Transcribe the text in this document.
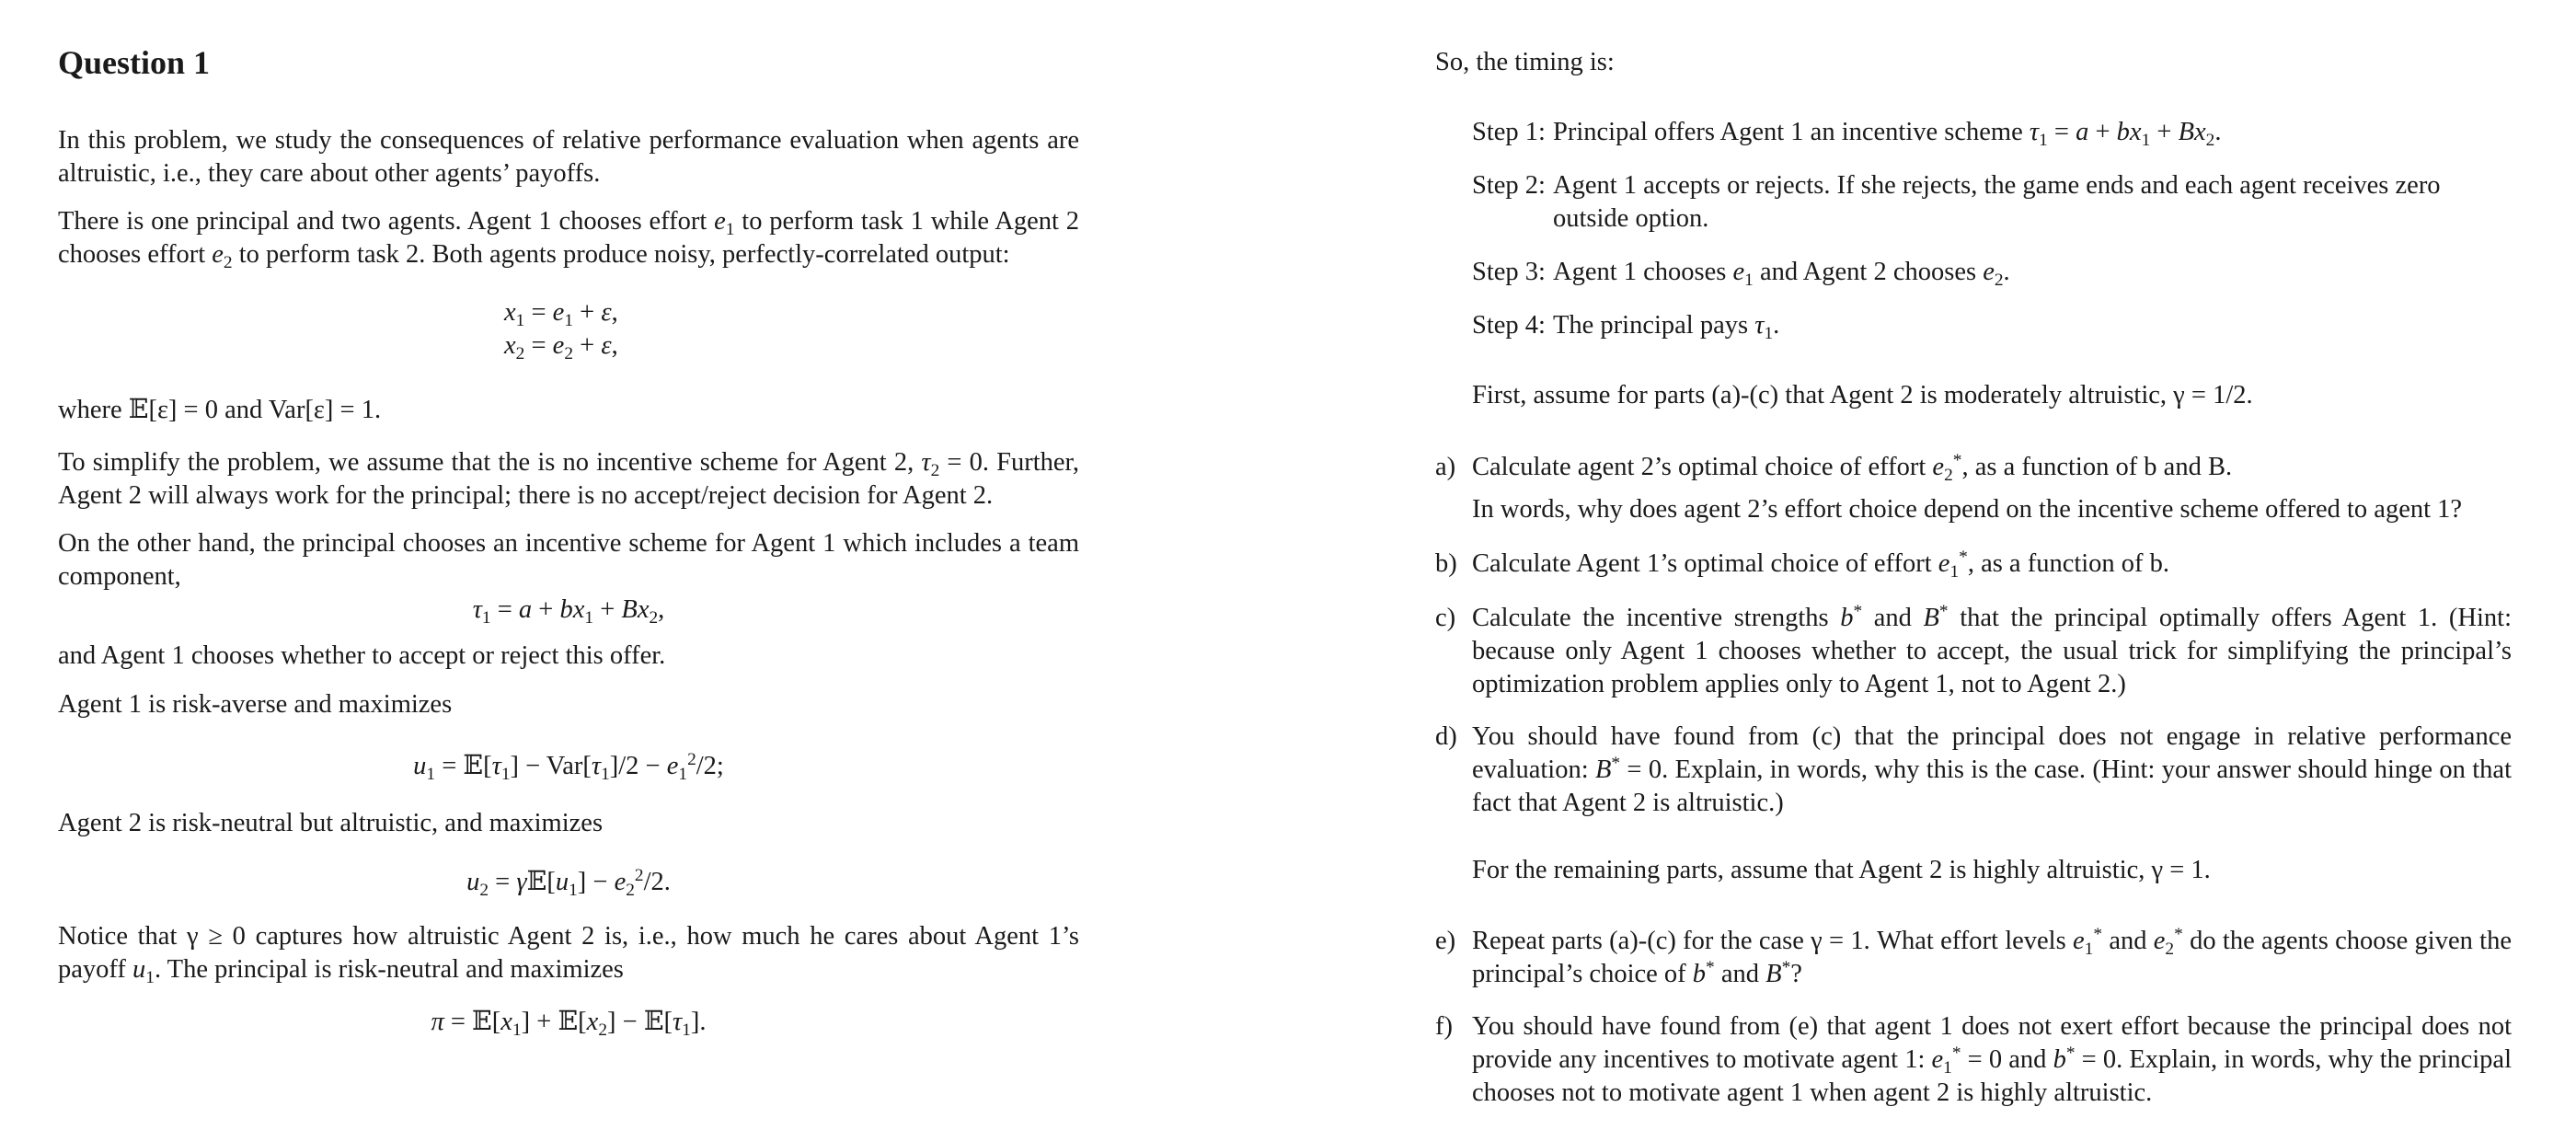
Question 1
In this problem, we study the consequences of relative performance evaluation when agents are altruistic, i.e., they care about other agents’ payoffs.
There is one principal and two agents. Agent 1 chooses effort $e_1$ to perform task 1 while Agent 2 chooses effort $e_2$ to perform task 2. Both agents produce noisy, perfectly-correlated output:
$x_1 = e_1 + \varepsilon$,
$x_2 = e_2 + \varepsilon$,
where 𝔼[ε] = 0 and Var[ε] = 1.
To simplify the problem, we assume that the is no incentive scheme for Agent 2, $\tau_2 = 0$. Further, Agent 2 will always work for the principal; there is no accept/reject decision for Agent 2.
On the other hand, the principal chooses an incentive scheme for Agent 1 which includes a team component,
$\tau_1 = a + bx_1 + Bx_2$,
and Agent 1 chooses whether to accept or reject this offer.
Agent 1 is risk-averse and maximizes
$u_1$ = $𝔼[\tau_1] - Var[\tau_1]/2 - e_1^2/2$;
Agent 2 is risk-neutral but altruistic, and maximizes
$u_2$ = $\gamma 𝔼[u_1] - e_2^2/2$.
Notice that γ ≥ 0 captures how altruistic Agent 2 is, i.e., how much he cares about Agent 1’s payoff $u_1$. The principal is risk-neutral and maximizes
$\pi = 𝔼[x_1]$ + $𝔼[x_2]$ − $𝔼[\tau_1]$.
So, the timing is:
Step 1: Principal offers Agent 1 an incentive scheme $\tau_1 = a + bx_1 + Bx_2$.
Step 2: Agent 1 accepts or rejects. If she rejects, the game ends and each agent receives zero outside option.
Step 3: Agent 1 chooses $e_1$ and Agent 2 chooses $e_2$.
Step 4: The principal pays $\tau_1$.
First, assume for parts (a)-(c) that Agent 2 is moderately altruistic, γ = 1/2.
a) Calculate agent 2’s optimal choice of effort $e_2^*$, as a function of b and B.
In words, why does agent 2’s effort choice depend on the incentive scheme offered to agent 1?
b) Calculate Agent 1’s optimal choice of effort $e_1^*$, as a function of b.
c) Calculate the incentive strengths b* and B* that the principal optimally offers Agent 1. (Hint: because only Agent 1 chooses whether to accept, the usual trick for simplifying the principal’s optimization problem applies only to Agent 1, not to Agent 2.)
d) You should have found from (c) that the principal does not engage in relative performance evaluation: B* = 0. Explain, in words, why this is the case. (Hint: your answer should hinge on that fact that Agent 2 is altruistic.)
For the remaining parts, assume that Agent 2 is highly altruistic, γ = 1.
e) Repeat parts (a)-(c) for the case γ = 1. What effort levels $e_1^*$ and $e_2^*$ do the agents choose given the principal’s choice of b* and B*?
f) You should have found from (e) that agent 1 does not exert effort because the principal does not provide any incentives to motivate agent 1: $e_1^* = 0$ and b* = 0. Explain, in words, why the principal chooses not to motivate agent 1 when agent 2 is highly altruistic.
